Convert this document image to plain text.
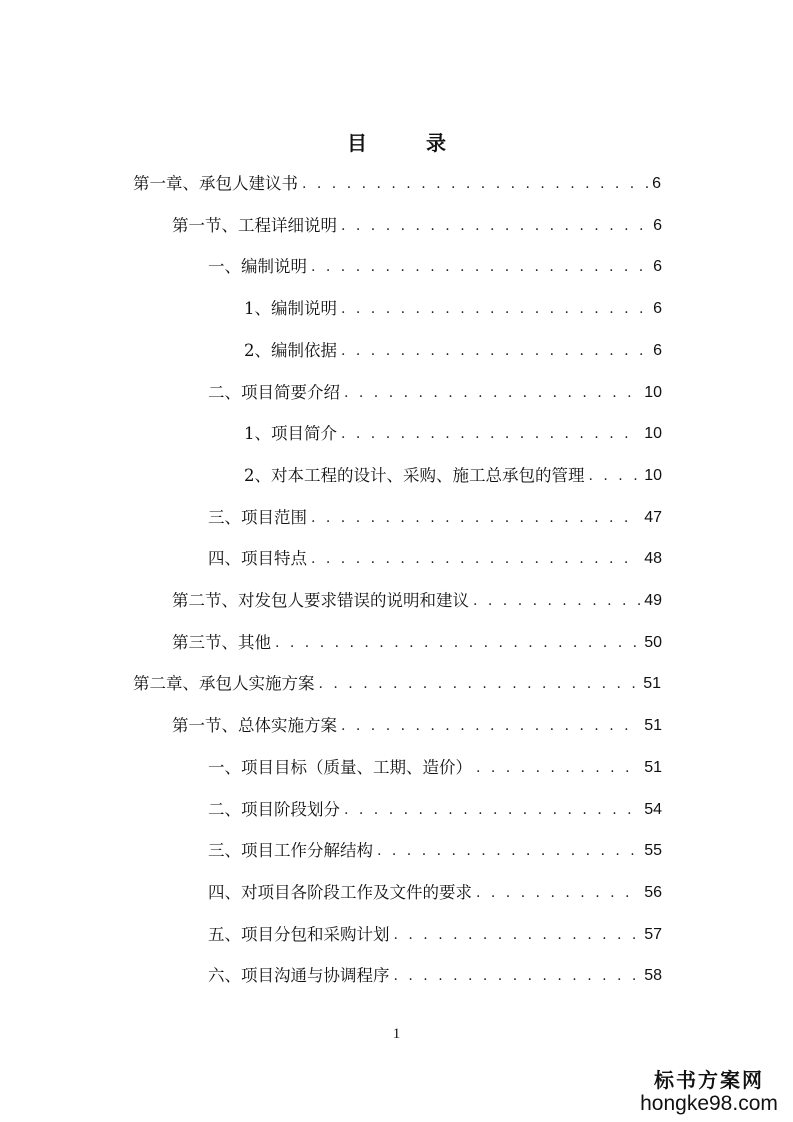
目 录
第一章、承包人建议书 . . .	6
第一节、工程详细说明 . . .	6
一、编制说明 . . .	6
1、编制说明 . . .	6
2、编制依据 . . .	6
二、项目简要介绍 . . .	10
1、项目简介 . . .	10
2、对本工程的设计、采购、施工总承包的管理 . . .	10
三、项目范围 . . .	47
四、项目特点 . . .	48
第二节、对发包人要求错误的说明和建议 . . .	49
第三节、其他 . . .	50
第二章、承包人实施方案 . . .	51
第一节、总体实施方案 . . .	51
一、项目目标（质量、工期、造价） . . .	51
二、项目阶段划分 . . .	54
三、项目工作分解结构 . . .	55
四、对项目各阶段工作及文件的要求 . . .	56
五、项目分包和采购计划 . . .	57
六、项目沟通与协调程序 . . .	58
1
标书方案网
hongke98.com
